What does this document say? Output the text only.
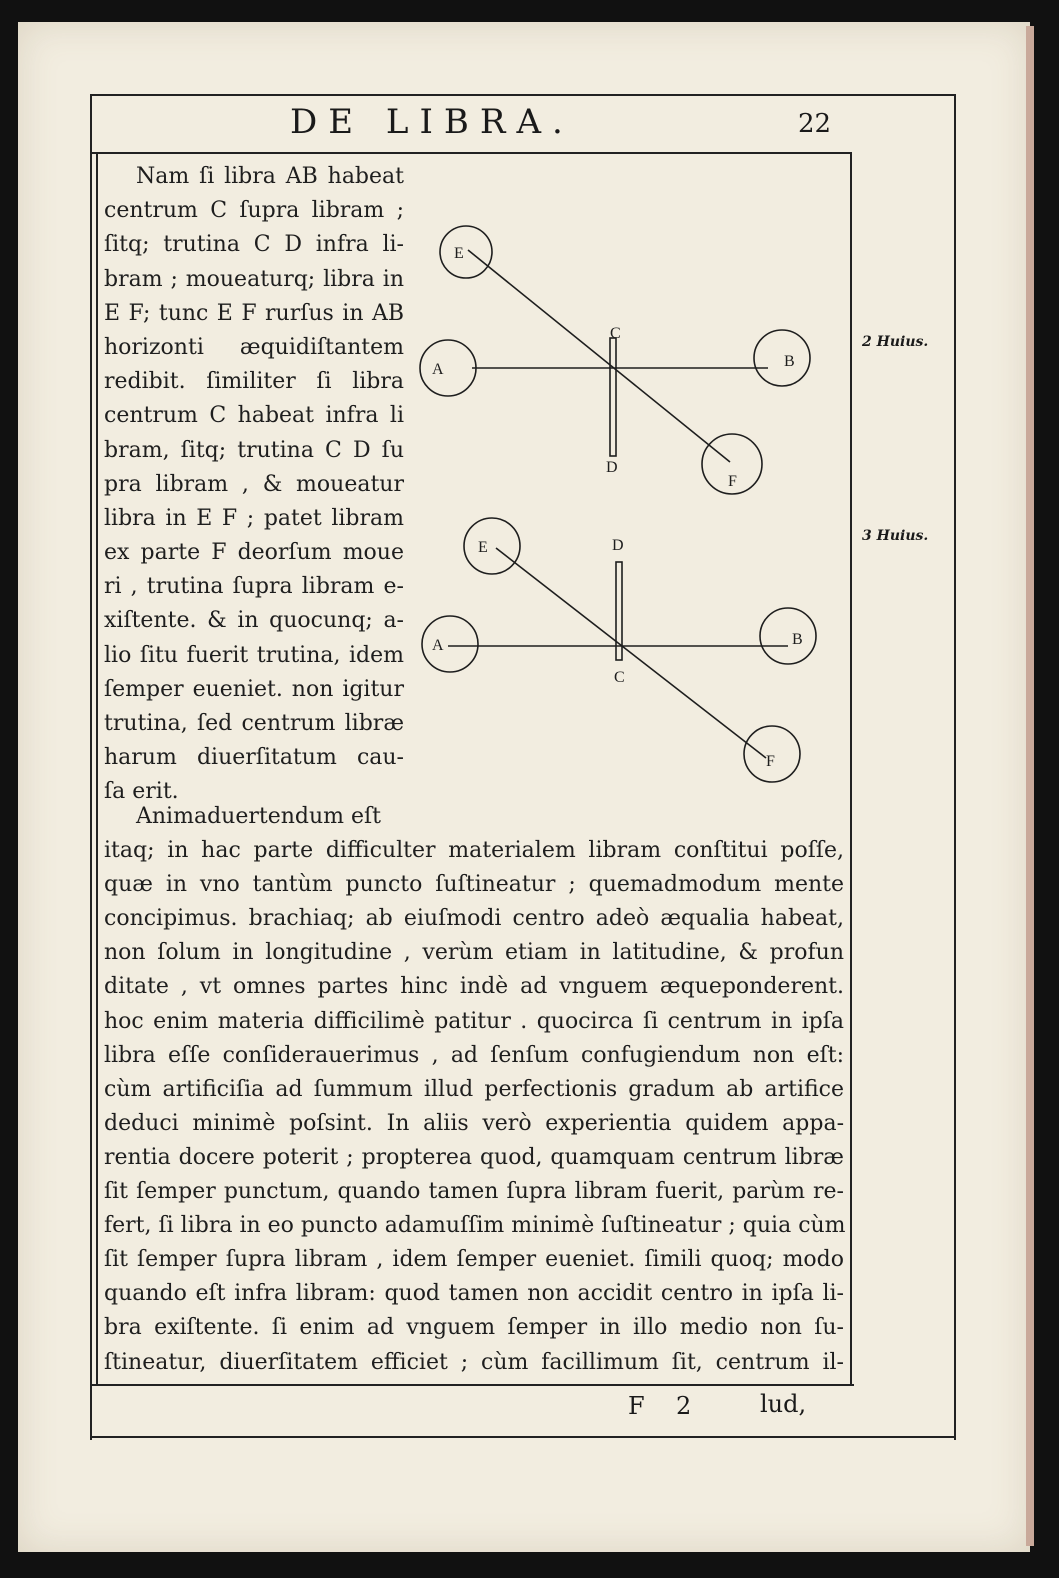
DE LIBRA.	22
2 Huius.
3 Huius.
Nam ſi libra AB habeat
centrum C ſupra libram ;
ſitq; trutina C D infra li-
bram ; moueaturq; libra in
E F; tunc E F rurſus in AB
horizonti æquidiſtantem
redibit. ſimiliter ſi libra
centrum C habeat infra li
bram, ſitq; trutina C D ſu
pra libram , & moueatur
libra in E F ; patet libram
ex parte F deorſum moue
ri , trutina ſupra libram e-
xiſtente. & in quocunq; a-
lio ſitu fuerit trutina, idem
ſemper eueniet. non igitur
trutina, ſed centrum libræ
harum diuerſitatum cau-
ſa erit.
E
A	B
C
D
F
E
A	B
C
D
F
Animaduertendum eſt
itaq; in hac parte difficulter materialem libram conſtitui poſſe,
quæ in vno tantùm puncto ſuſtineatur ; quemadmodum mente
concipimus. brachiaq; ab eiuſmodi centro adeò æqualia habeat,
non ſolum in longitudine , verùm etiam in latitudine, & profun
ditate , vt omnes partes hinc indè ad vnguem æqueponderent.
hoc enim materia difficilimè patitur . quocirca ſi centrum in ipſa
libra eſſe conſiderauerimus , ad ſenſum confugiendum non eſt:
cùm artificiſia ad ſummum illud perfectionis gradum ab artifice
deduci minimè poſsint. In aliis verò experientia quidem appa-
rentia docere poterit ; propterea quod, quamquam centrum libræ
ſit ſemper punctum, quando tamen ſupra libram fuerit, parùm re-
fert, ſi libra in eo puncto adamuſſim minimè ſuſtineatur ; quia cùm
ſit ſemper ſupra libram , idem ſemper eueniet. ſimili quoq; modo
quando eſt infra libram: quod tamen non accidit centro in ipſa li-
bra exiſtente. ſi enim ad vnguem ſemper in illo medio non ſu-
ſtineatur, diuerſitatem efficiet ; cùm facillimum ſit, centrum il-
F 2	lud,
